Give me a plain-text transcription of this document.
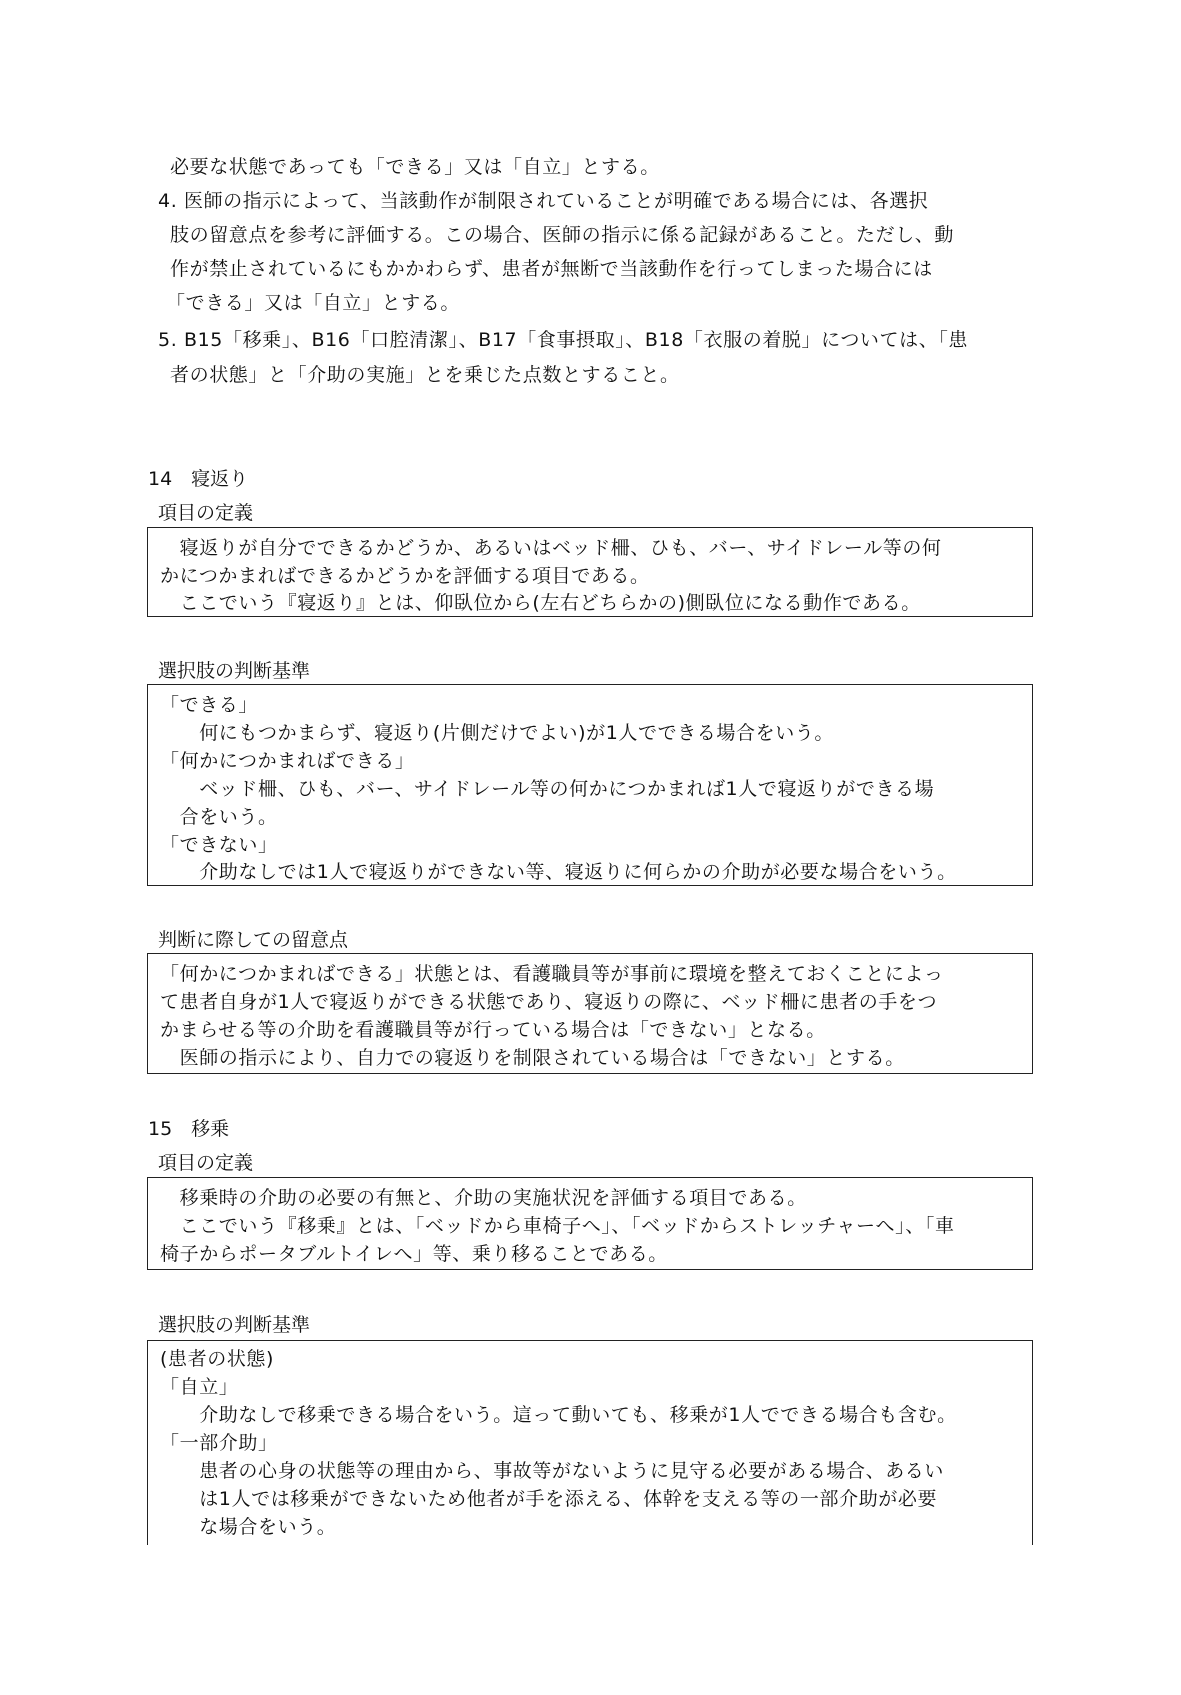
必要な状態であっても「できる」又は「自立」とする。
4. 医師の指示によって、当該動作が制限されていることが明確である場合には、各選択
肢の留意点を参考に評価する。この場合、医師の指示に係る記録があること。ただし、動
作が禁止されているにもかかわらず、患者が無断で当該動作を行ってしまった場合には
「できる」又は「自立」とする。
5. B15「移乗」、B16「口腔清潔」、B17「食事摂取」、B18「衣服の着脱」については、「患
者の状態」と「介助の実施」とを乗じた点数とすること。
14　寝返り
項目の定義
　寝返りが自分でできるかどうか、あるいはベッド柵、ひも、バー、サイドレール等の何
かにつかまればできるかどうかを評価する項目である。
　ここでいう『寝返り』とは、仰臥位から(左右どちらかの)側臥位になる動作である。
選択肢の判断基準
「できる」
　　何にもつかまらず、寝返り(片側だけでよい)が1人でできる場合をいう。
「何かにつかまればできる」
　　ベッド柵、ひも、バー、サイドレール等の何かにつかまれば1人で寝返りができる場
　合をいう。
「できない」
　　介助なしでは1人で寝返りができない等、寝返りに何らかの介助が必要な場合をいう。
判断に際しての留意点
「何かにつかまればできる」状態とは、看護職員等が事前に環境を整えておくことによっ
て患者自身が1人で寝返りができる状態であり、寝返りの際に、ベッド柵に患者の手をつ
かまらせる等の介助を看護職員等が行っている場合は「できない」となる。
　医師の指示により、自力での寝返りを制限されている場合は「できない」とする。
15　移乗
項目の定義
　移乗時の介助の必要の有無と、介助の実施状況を評価する項目である。
　ここでいう『移乗』とは、「ベッドから車椅子へ」、「ベッドからストレッチャーへ」、「車
椅子からポータブルトイレへ」等、乗り移ることである。
選択肢の判断基準
(患者の状態)
「自立」
　　介助なしで移乗できる場合をいう。這って動いても、移乗が1人でできる場合も含む。
「一部介助」
　　患者の心身の状態等の理由から、事故等がないように見守る必要がある場合、あるい
　　は1人では移乗ができないため他者が手を添える、体幹を支える等の一部介助が必要
　　な場合をいう。
